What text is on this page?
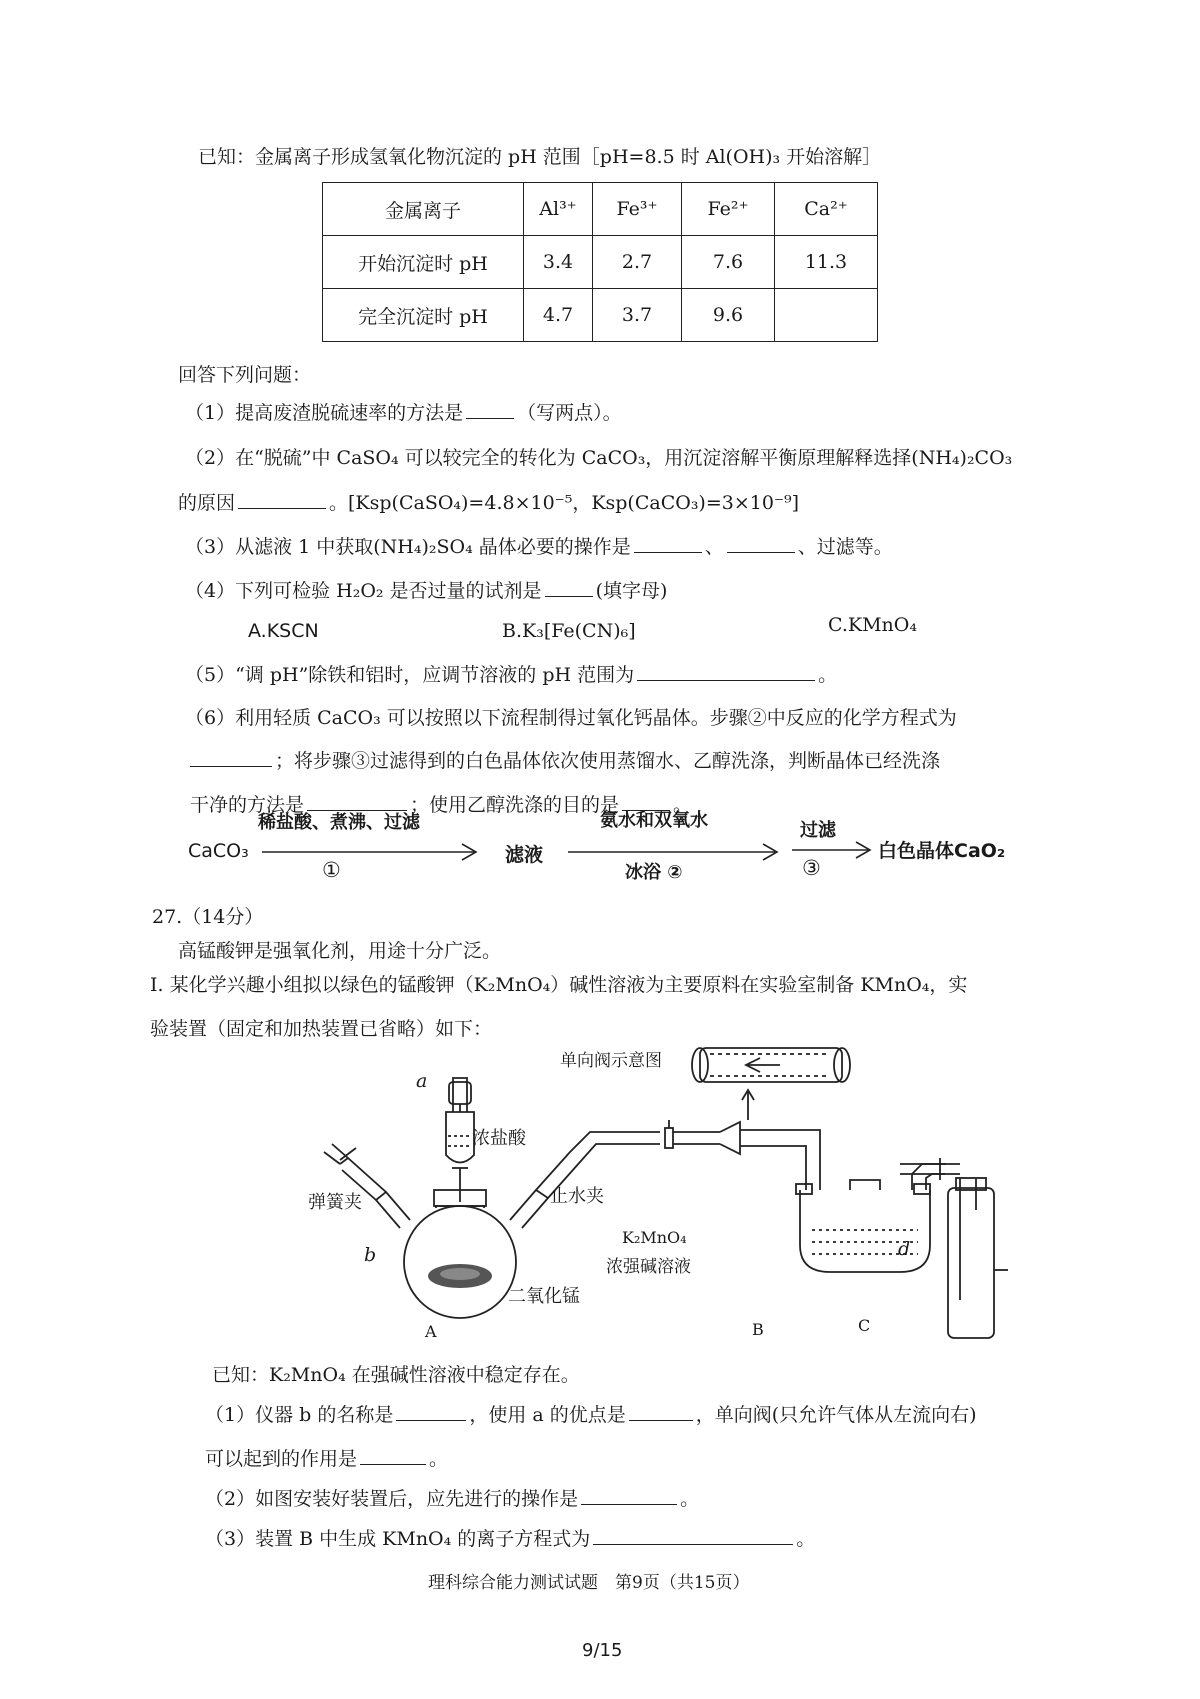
已知：金属离子形成氢氧化物沉淀的 pH 范围［pH=8.5 时 Al(OH)₃ 开始溶解］
金属离子	Al³⁺	Fe³⁺	Fe²⁺	Ca²⁺
开始沉淀时 pH	3.4	2.7	7.6	11.3
完全沉淀时 pH	4.7	3.7	9.6	
回答下列问题：
（1）提高废渣脱硫速率的方法是	（写两点）。
（2）在“脱硫”中 CaSO₄ 可以较完全的转化为 CaCO₃，用沉淀溶解平衡原理解释选择(NH₄)₂CO₃
的原因	。[Ksp(CaSO₄)=4.8×10⁻⁵，Ksp(CaCO₃)=3×10⁻⁹]
（3）从滤液 1 中获取(NH₄)₂SO₄ 晶体必要的操作是	、	、过滤等。
（4）下列可检验 H₂O₂ 是否过量的试剂是	(填字母)
A.KSCN	B.K₃[Fe(CN)₆]	C.KMnO₄
（5）“调 pH”除铁和铝时，应调节溶液的 pH 范围为	。
（6）利用轻质 CaCO₃ 可以按照以下流程制得过氧化钙晶体。步骤②中反应的化学方程式为
；将步骤③过滤得到的白色晶体依次使用蒸馏水、乙醇洗涤，判断晶体已经洗涤
干净的方法是	；使用乙醇洗涤的目的是	。
CaCO₃
稀盐酸、煮沸、过滤
①
滤液
氨水和双氧水
冰浴 ②
过滤
③
白色晶体CaO₂
27.（14分）
高锰酸钾是强氧化剂，用途十分广泛。
I. 某化学兴趣小组拟以绿色的锰酸钾（K₂MnO₄）碱性溶液为主要原料在实验室制备 KMnO₄，实
验装置（固定和加热装置已省略）如下：
单向阀示意图
a
浓盐酸
弹簧夹	止水夹
b
二氧化锰
K₂MnO₄
浓强碱溶液
d
A	B	C
已知：K₂MnO₄ 在强碱性溶液中稳定存在。
（1）仪器 b 的名称是	，使用 a 的优点是	，单向阀(只允许气体从左流向右)
可以起到的作用是	。
（2）如图安装好装置后，应先进行的操作是	。
（3）装置 B 中生成 KMnO₄ 的离子方程式为	。
理科综合能力测试试题　第9页（共15页）
9/15
